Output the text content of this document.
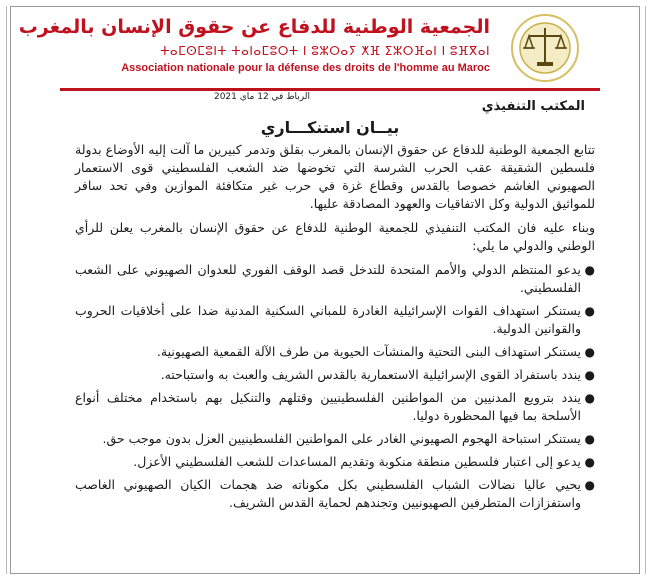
الجمعية الوطنية للدفاع عن حقوق الإنسان بالمغرب
ⵜⴰⵎⵙⵎⵓⵏⵜ ⵜⴰⵏⴰⵎⵓⵔⵜ ⵏ ⵓⵣⵔⴰⵢ ⵅⴼ ⵉⵣⵔⴼⴰⵏ ⵏ ⵓⴼⴳⴰⵏ
Association nationale pour la défense des droits de l'homme au Maroc
الرباط في 12 ماي 2021
المكتب التنفيذي
بيــان استنكـــاري

تتابع الجمعية الوطنية للدفاع عن حقوق الإنسان بالمغرب بقلق وتدمر كبيرين ما آلت إليه الأوضاع بدولة فلسطين الشقيقة عقب الحرب الشرسة التي تخوضها ضد الشعب الفلسطيني قوى الاستعمار الصهيوني الغاشم خصوصا بالقدس وقطاع غزة في حرب غير متكافئة الموازين وفي تحد سافر للمواثيق الدولية وكل الاتفاقيات والعهود المصادقة عليها.

وبناء عليه فان المكتب التنفيذي للجمعية الوطنية للدفاع عن حقوق الإنسان بالمغرب يعلن للرأي الوطني والدولي ما يلي:

●
يدعو المنتظم الدولي والأمم المتحدة للتدخل قصد الوقف الفوري للعدوان الصهيوني على الشعب الفلسطيني.
●
يستنكر استهداف القوات الإسرائيلية الغادرة للمباني السكنية المدنية ضدا على أخلاقيات الحروب والقوانين الدولية.
●
يستنكر استهداف البنى التحتية والمنشآت الحيوية من طرف الآلة القمعية الصهيونية.
●
يندد باستفراد القوى الإسرائيلية الاستعمارية بالقدس الشريف والعبث به واستباحته.
●
يندد بترويع المدنيين من المواطنين الفلسطينيين وقتلهم والتنكيل بهم باستخدام مختلف أنواع الأسلحة بما فيها المحظورة دوليا.
●
يستنكر استباحة الهجوم الصهيوني الغادر على المواطنين الفلسطينيين العزل بدون موجب حق.
●
يدعو إلى اعتبار فلسطين منطقة منكوبة وتقديم المساعدات للشعب الفلسطيني الأعزل.
●
يحيي عاليا نضالات الشباب الفلسطيني بكل مكوناته ضد هجمات الكيان الصهيوني الغاصب واستفزازات المتطرفين الصهيونيين وتجندهم لحماية القدس الشريف.
